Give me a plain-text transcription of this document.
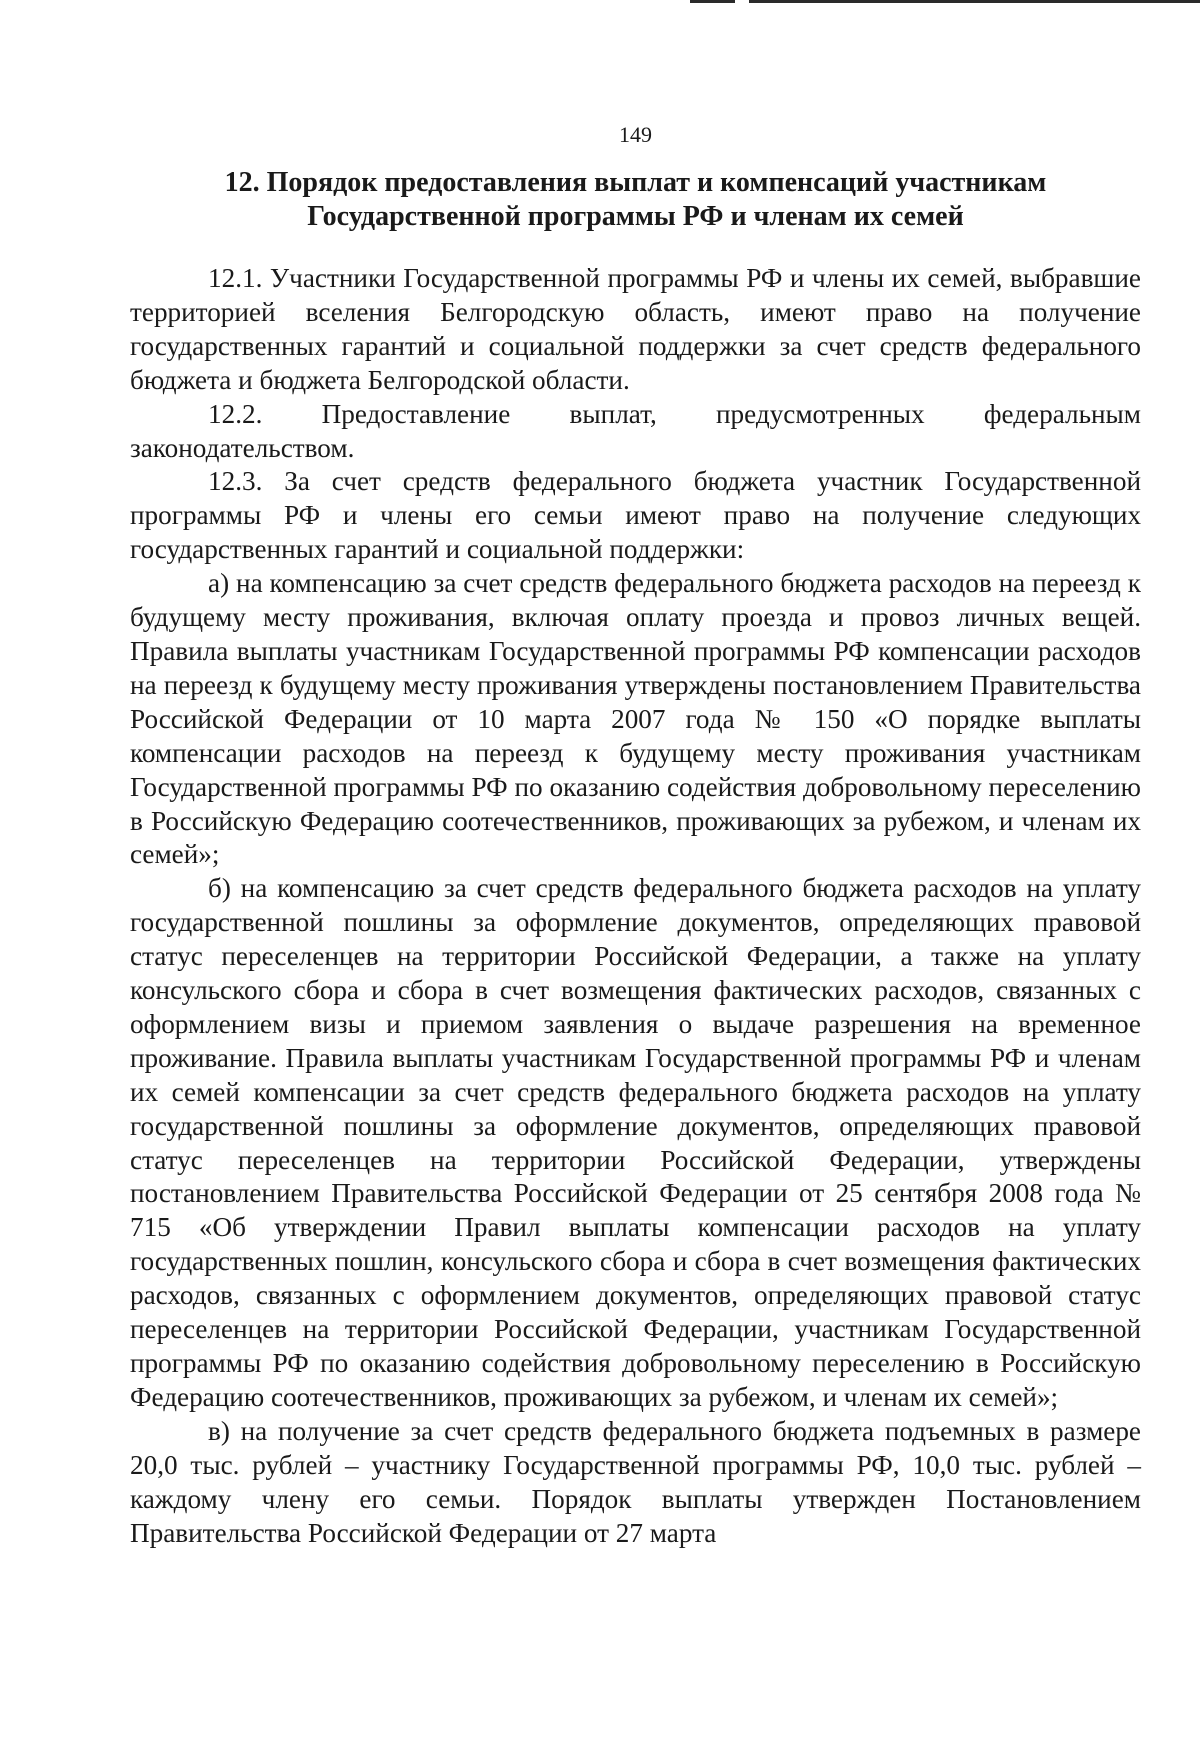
149
12. Порядок предоставления выплат и компенсаций участникам
Государственной программы РФ и членам их семей

12.1. Участники Государственной программы РФ и члены их семей, выбравшие территорией вселения Белгородскую область, имеют право на получение государственных гарантий и социальной поддержки за счет средств федерального бюджета и бюджета Белгородской области.

12.2. Предоставление выплат, предусмотренных федеральным законодательством.

12.3. За счет средств федерального бюджета участник Государственной программы РФ и члены его семьи имеют право на получение следующих государственных гарантий и социальной поддержки:

а) на компенсацию за счет средств федерального бюджета расходов на переезд к будущему месту проживания, включая оплату проезда и провоз личных вещей. Правила выплаты участникам Государственной программы РФ компенсации расходов на переезд к будущему месту проживания утверждены постановлением Правительства Российской Федерации от 10 марта 2007 года № 150 «О порядке выплаты компенсации расходов на переезд к будущему месту проживания участникам Государственной программы РФ по оказанию содействия добровольному переселению в Российскую Федерацию соотечественников, проживающих за рубежом, и членам их семей»;

б) на компенсацию за счет средств федерального бюджета расходов на уплату государственной пошлины за оформление документов, определяющих правовой статус переселенцев на территории Российской Федерации, а также на уплату консульского сбора и сбора в счет возмещения фактических расходов, связанных с оформлением визы и приемом заявления о выдаче разрешения на временное проживание. Правила выплаты участникам Государственной программы РФ и членам их семей компенсации за счет средств федерального бюджета расходов на уплату государственной пошлины за оформление документов, определяющих правовой статус переселенцев на территории Российской Федерации, утверждены постановлением Правительства Российской Федерации от 25 сентября 2008 года № 715 «Об утверждении Правил выплаты компенсации расходов на уплату государственных пошлин, консульского сбора и сбора в счет возмещения фактических расходов, связанных с оформлением документов, определяющих правовой статус переселенцев на территории Российской Федерации, участникам Государственной программы РФ по оказанию содействия добровольному переселению в Российскую Федерацию соотечественников, проживающих за рубежом, и членам их семей»;

в) на получение за счет средств федерального бюджета подъемных в размере 20,0 тыс. рублей – участнику Государственной программы РФ, 10,0 тыс. рублей – каждому члену его семьи. Порядок выплаты утвержден Постановлением Правительства Российской Федерации от 27 марта
